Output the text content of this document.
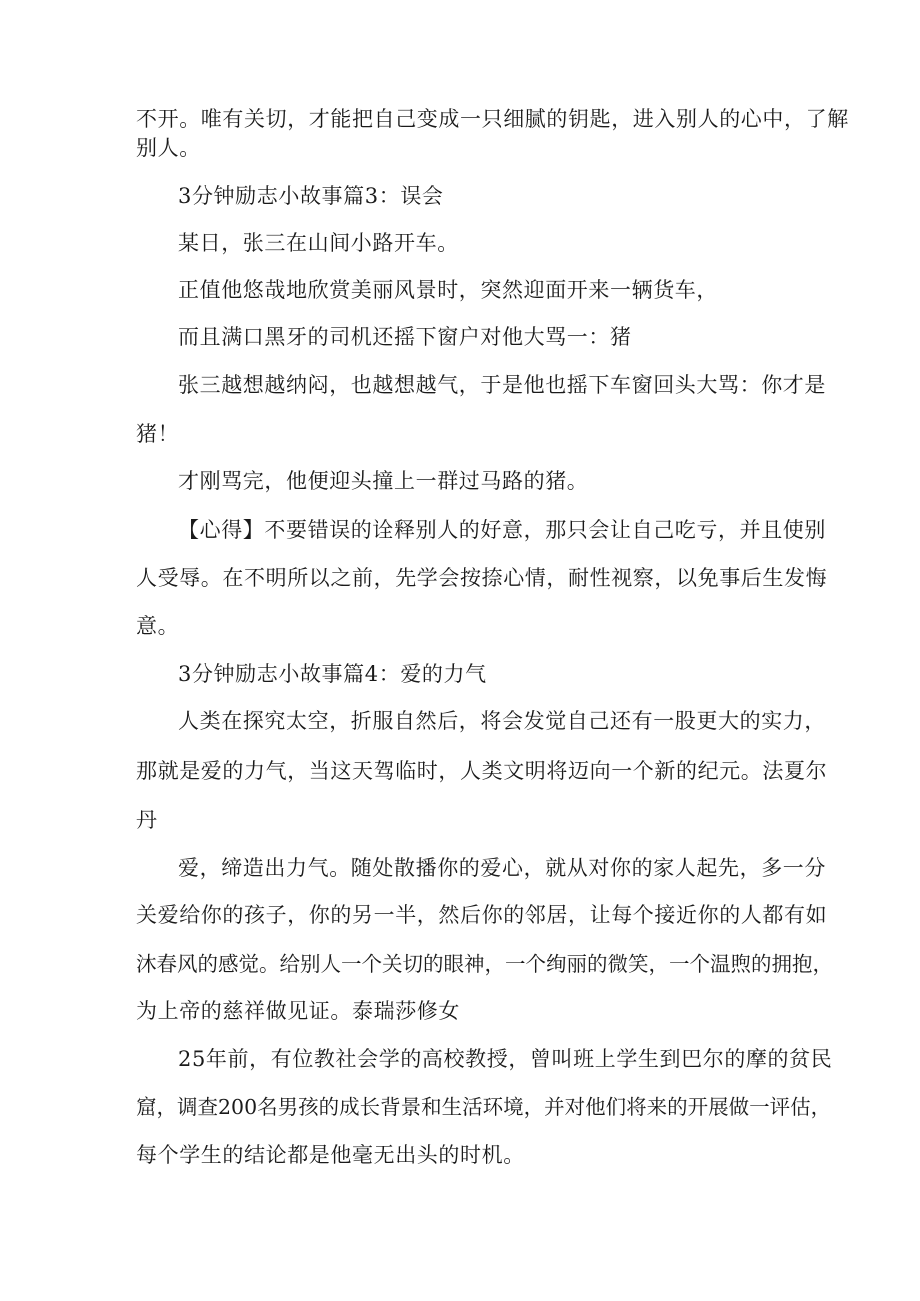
不开。唯有关切，才能把自己变成一只细腻的钥匙，进入别人的心中，了解
别人。
3分钟励志小故事篇3：误会
某日，张三在山间小路开车。
正值他悠哉地欣赏美丽风景时，突然迎面开来一辆货车，
而且满口黑牙的司机还摇下窗户对他大骂一：猪
张三越想越纳闷，也越想越气，于是他也摇下车窗回头大骂：你才是
猪！
才刚骂完，他便迎头撞上一群过马路的猪。
【心得】不要错误的诠释别人的好意，那只会让自己吃亏，并且使别
人受辱。在不明所以之前，先学会按捺心情，耐性视察，以免事后生发悔
意。
3分钟励志小故事篇4：爱的力气
人类在探究太空，折服自然后，将会发觉自己还有一股更大的实力，
那就是爱的力气，当这天驾临时，人类文明将迈向一个新的纪元。法夏尔
丹
爱，缔造出力气。随处散播你的爱心，就从对你的家人起先，多一分
关爱给你的孩子，你的另一半，然后你的邻居，让每个接近你的人都有如
沐春风的感觉。给别人一个关切的眼神，一个绚丽的微笑，一个温煦的拥抱，
为上帝的慈祥做见证。泰瑞莎修女
25年前，有位教社会学的高校教授，曾叫班上学生到巴尔的摩的贫民
窟，调查200名男孩的成长背景和生活环境，并对他们将来的开展做一评估，
每个学生的结论都是他毫无出头的时机。
